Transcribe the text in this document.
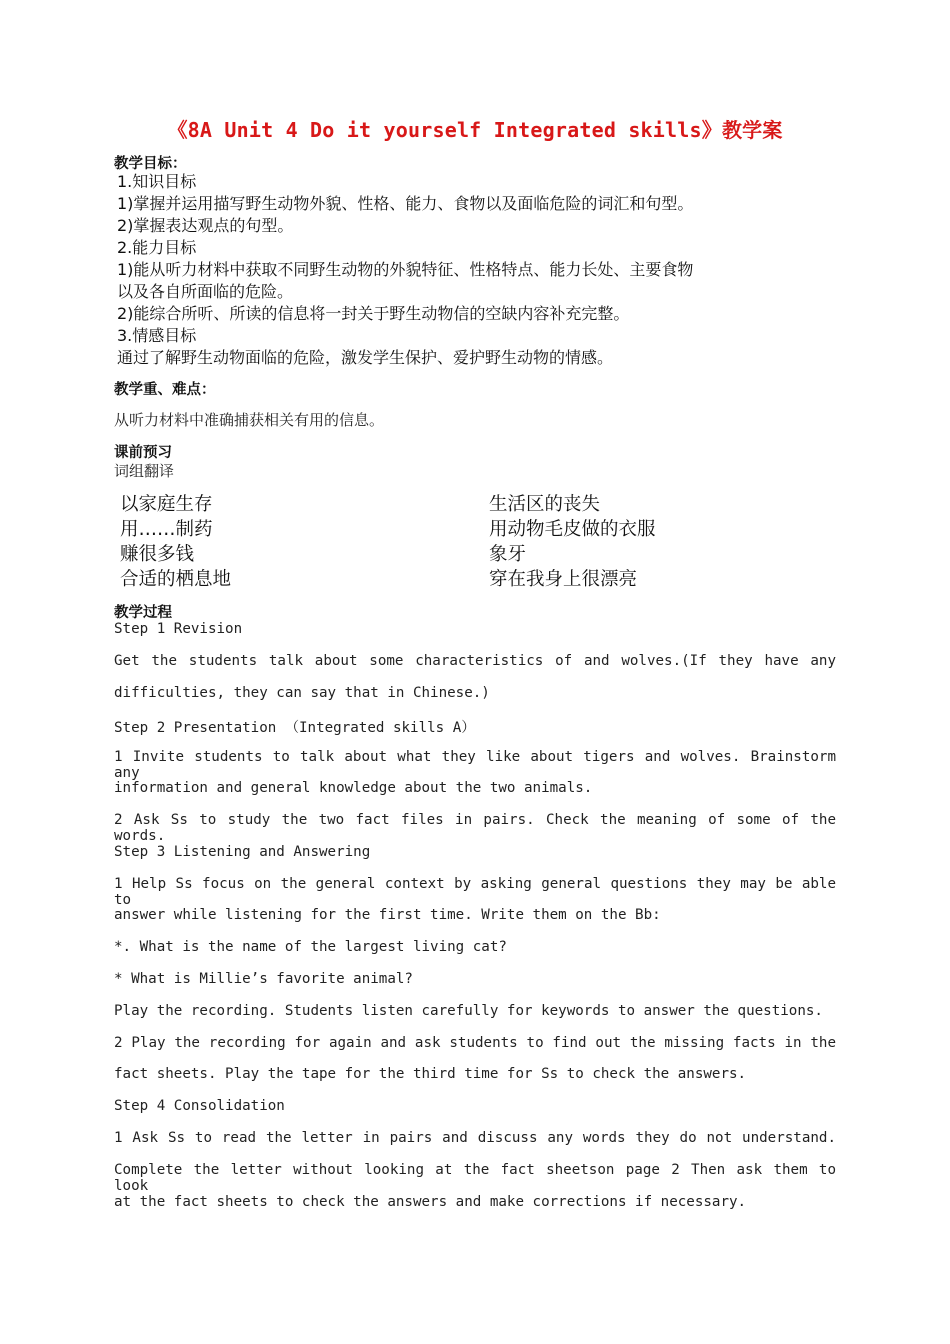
《8A Unit 4 Do it yourself Integrated skills》教学案
教学目标：
1.知识目标
1)掌握并运用描写野生动物外貌、性格、能力、食物以及面临危险的词汇和句型。
2)掌握表达观点的句型。
2.能力目标
1)能从听力材料中获取不同野生动物的外貌特征、性格特点、能力长处、主要食物
以及各自所面临的危险。
2)能综合所听、所读的信息将一封关于野生动物信的空缺内容补充完整。
3.情感目标
通过了解野生动物面临的危险，激发学生保护、爱护野生动物的情感。
教学重、难点：
从听力材料中准确捕获相关有用的信息。
课前预习
词组翻译
以家庭生存
用……制药
赚很多钱
合适的栖息地
生活区的丧失
用动物毛皮做的衣服
象牙
穿在我身上很漂亮
教学过程
Step 1 Revision
Get the students talk about some characteristics of and wolves.(If they have any
difficulties, they can say that in Chinese.)
Step 2 Presentation （Integrated skills A）
1 Invite students to talk about what they like about tigers and wolves. Brainstorm any
information and general knowledge about the two animals.
2 Ask Ss to study the two fact files in pairs. Check the meaning of some of the words.
Step 3 Listening and Answering
1 Help Ss focus on the general context by asking general questions they may be able to
answer while listening for the first time. Write them on the Bb:
*. What is the name of the largest living cat?
* What is Millie’s favorite animal?
Play the recording. Students listen carefully for keywords to answer the questions.
2 Play the recording for again and ask students to find out the missing facts in the
fact sheets. Play the tape for the third time for Ss to check the answers.
Step 4 Consolidation
1 Ask Ss to read the letter in pairs and discuss any words they do not understand.
Complete the letter without looking at the fact sheetson page 2 Then ask them to look
at the fact sheets to check the answers and make corrections if necessary.
